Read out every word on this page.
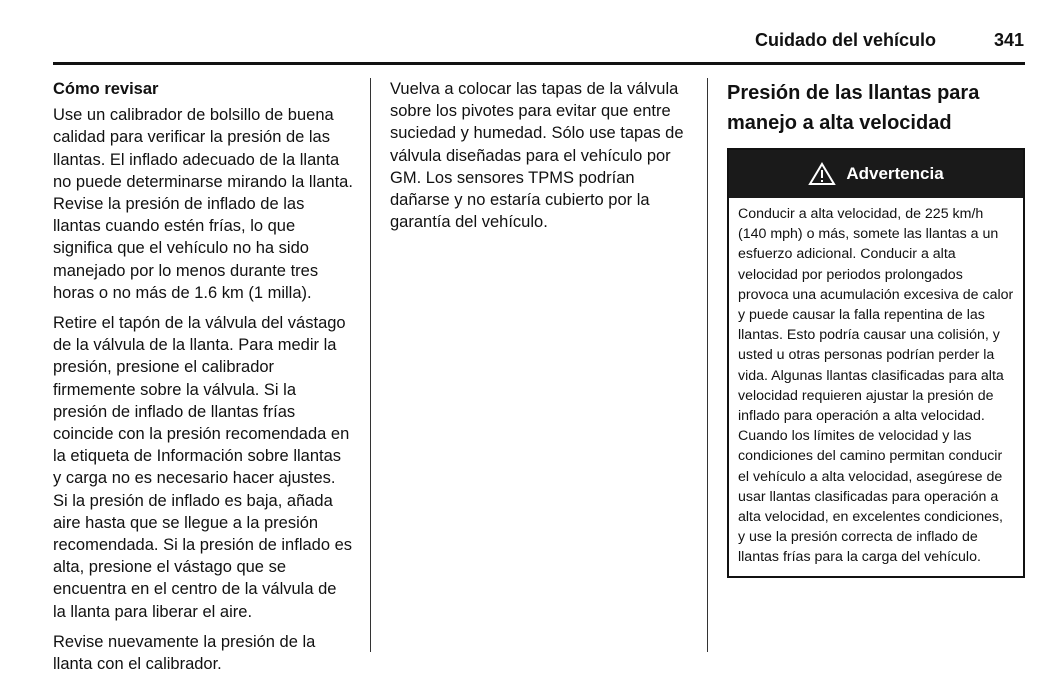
Cuidado del vehículo	341

Cómo revisar

Use un calibrador de bolsillo de buena calidad para verificar la presión de las llantas. El inflado adecuado de la llanta no puede determinarse mirando la llanta. Revise la presión de inflado de las llantas cuando estén frías, lo que significa que el vehículo no ha sido manejado por lo menos durante tres horas o no más de 1.6 km (1 milla).

Retire el tapón de la válvula del vástago de la válvula de la llanta. Para medir la presión, presione el calibrador firmemente sobre la válvula. Si la presión de inflado de llantas frías coincide con la presión recomendada en la etiqueta de Información sobre llantas y carga no es necesario hacer ajustes. Si la presión de inflado es baja, añada aire hasta que se llegue a la presión recomendada. Si la presión de inflado es alta, presione el vástago que se encuentra en el centro de la válvula de la llanta para liberar el aire.

Revise nuevamente la presión de la llanta con el calibrador.

Vuelva a colocar las tapas de la válvula sobre los pivotes para evitar que entre suciedad y humedad. Sólo use tapas de válvula diseñadas para el vehículo por GM. Los sensores TPMS podrían dañarse y no estaría cubierto por la garantía del vehículo.

Presión de las llantas para manejo a alta velocidad
Advertencia
Conducir a alta velocidad, de 225 km/h (140 mph) o más, somete las llantas a un esfuerzo adicional. Conducir a alta velocidad por periodos prolongados provoca una acumulación excesiva de calor y puede causar la falla repentina de las llantas. Esto podría causar una colisión, y usted u otras personas podrían perder la vida. Algunas llantas clasificadas para alta velocidad requieren ajustar la presión de inflado para operación a alta velocidad. Cuando los límites de velocidad y las condiciones del camino permitan conducir el vehículo a alta velocidad, asegúrese de usar llantas clasificadas para operación a alta velocidad, en excelentes condiciones, y use la presión correcta de inflado de llantas frías para la carga del vehículo.
